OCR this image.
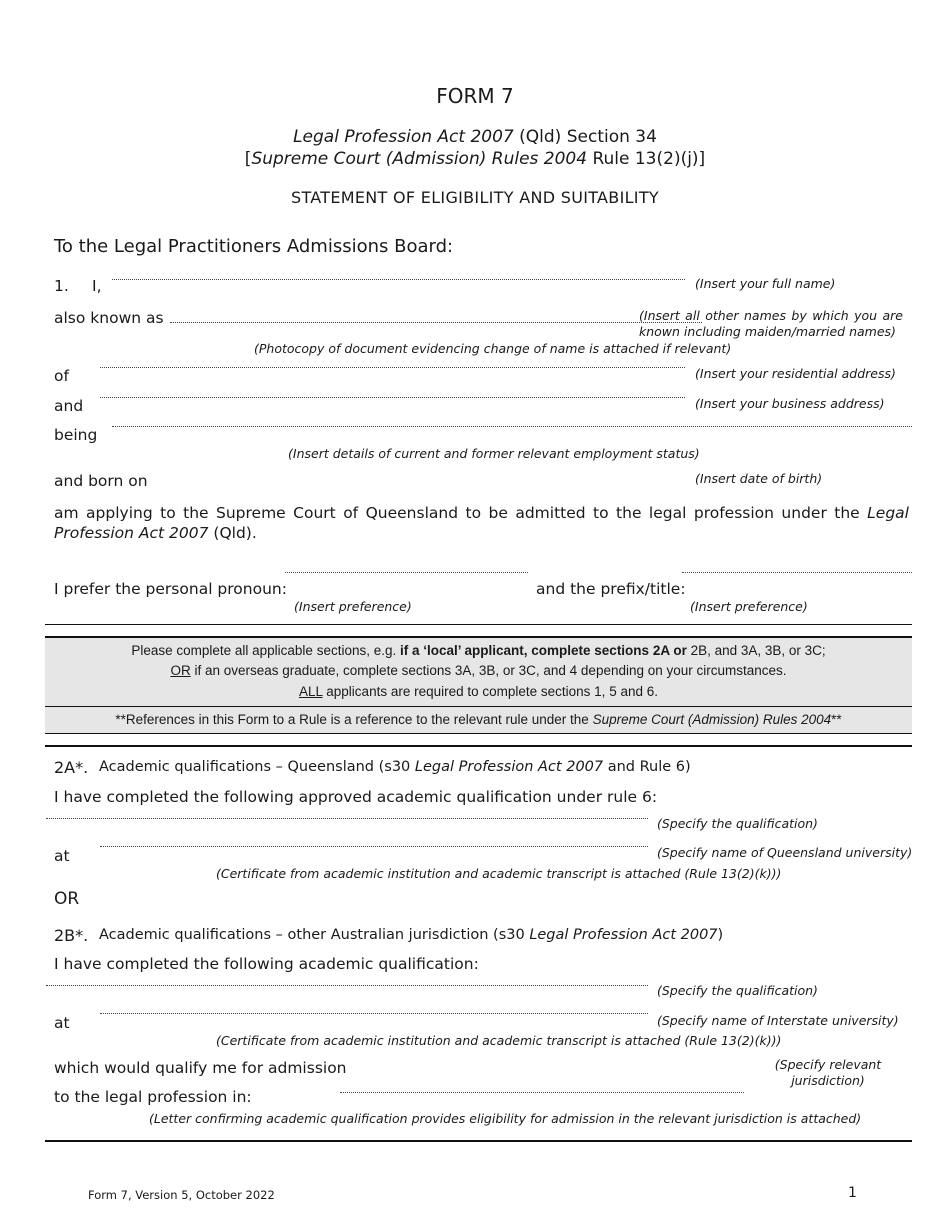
FORM 7
Legal Profession Act 2007 (Qld) Section 34
[Supreme Court (Admission) Rules 2004 Rule 13(2)(j)]
STATEMENT OF ELIGIBILITY AND SUITABILITY
To the Legal Practitioners Admissions Board:
1. I,	(Insert your full name)
also known as	(Insert all other names by which you are known including maiden/married names)
(Photocopy of document evidencing change of name is attached if relevant)
of	(Insert your residential address)
and	(Insert your business address)
being
(Insert details of current and former relevant employment status)
and born on	(Insert date of birth)
am applying to the Supreme Court of Queensland to be admitted to the legal profession under the Legal Profession Act 2007 (Qld).
I prefer the personal pronoun:	and the prefix/title:
(Insert preference)	(Insert preference)
Please complete all applicable sections, e.g. if a ‘local’ applicant, complete sections 2A or 2B, and 3A, 3B, or 3C;
OR if an overseas graduate, complete sections 3A, 3B, or 3C, and 4 depending on your circumstances.
ALL applicants are required to complete sections 1, 5 and 6.
**References in this Form to a Rule is a reference to the relevant rule under the Supreme Court (Admission) Rules 2004**
2A*. Academic qualifications – Queensland (s30 Legal Profession Act 2007 and Rule 6)
I have completed the following approved academic qualification under rule 6:
(Specify the qualification)
at	(Specify name of Queensland university)
(Certificate from academic institution and academic transcript is attached (Rule 13(2)(k)))
OR
2B*. Academic qualifications – other Australian jurisdiction (s30 Legal Profession Act 2007)
I have completed the following academic qualification:
(Specify the qualification)
at	(Specify name of Interstate university)
(Certificate from academic institution and academic transcript is attached (Rule 13(2)(k)))
which would qualify me for admission
to the legal profession in:
(Specify relevant jurisdiction)
(Letter confirming academic qualification provides eligibility for admission in the relevant jurisdiction is attached)
Form 7, Version 5, October 2022	1
